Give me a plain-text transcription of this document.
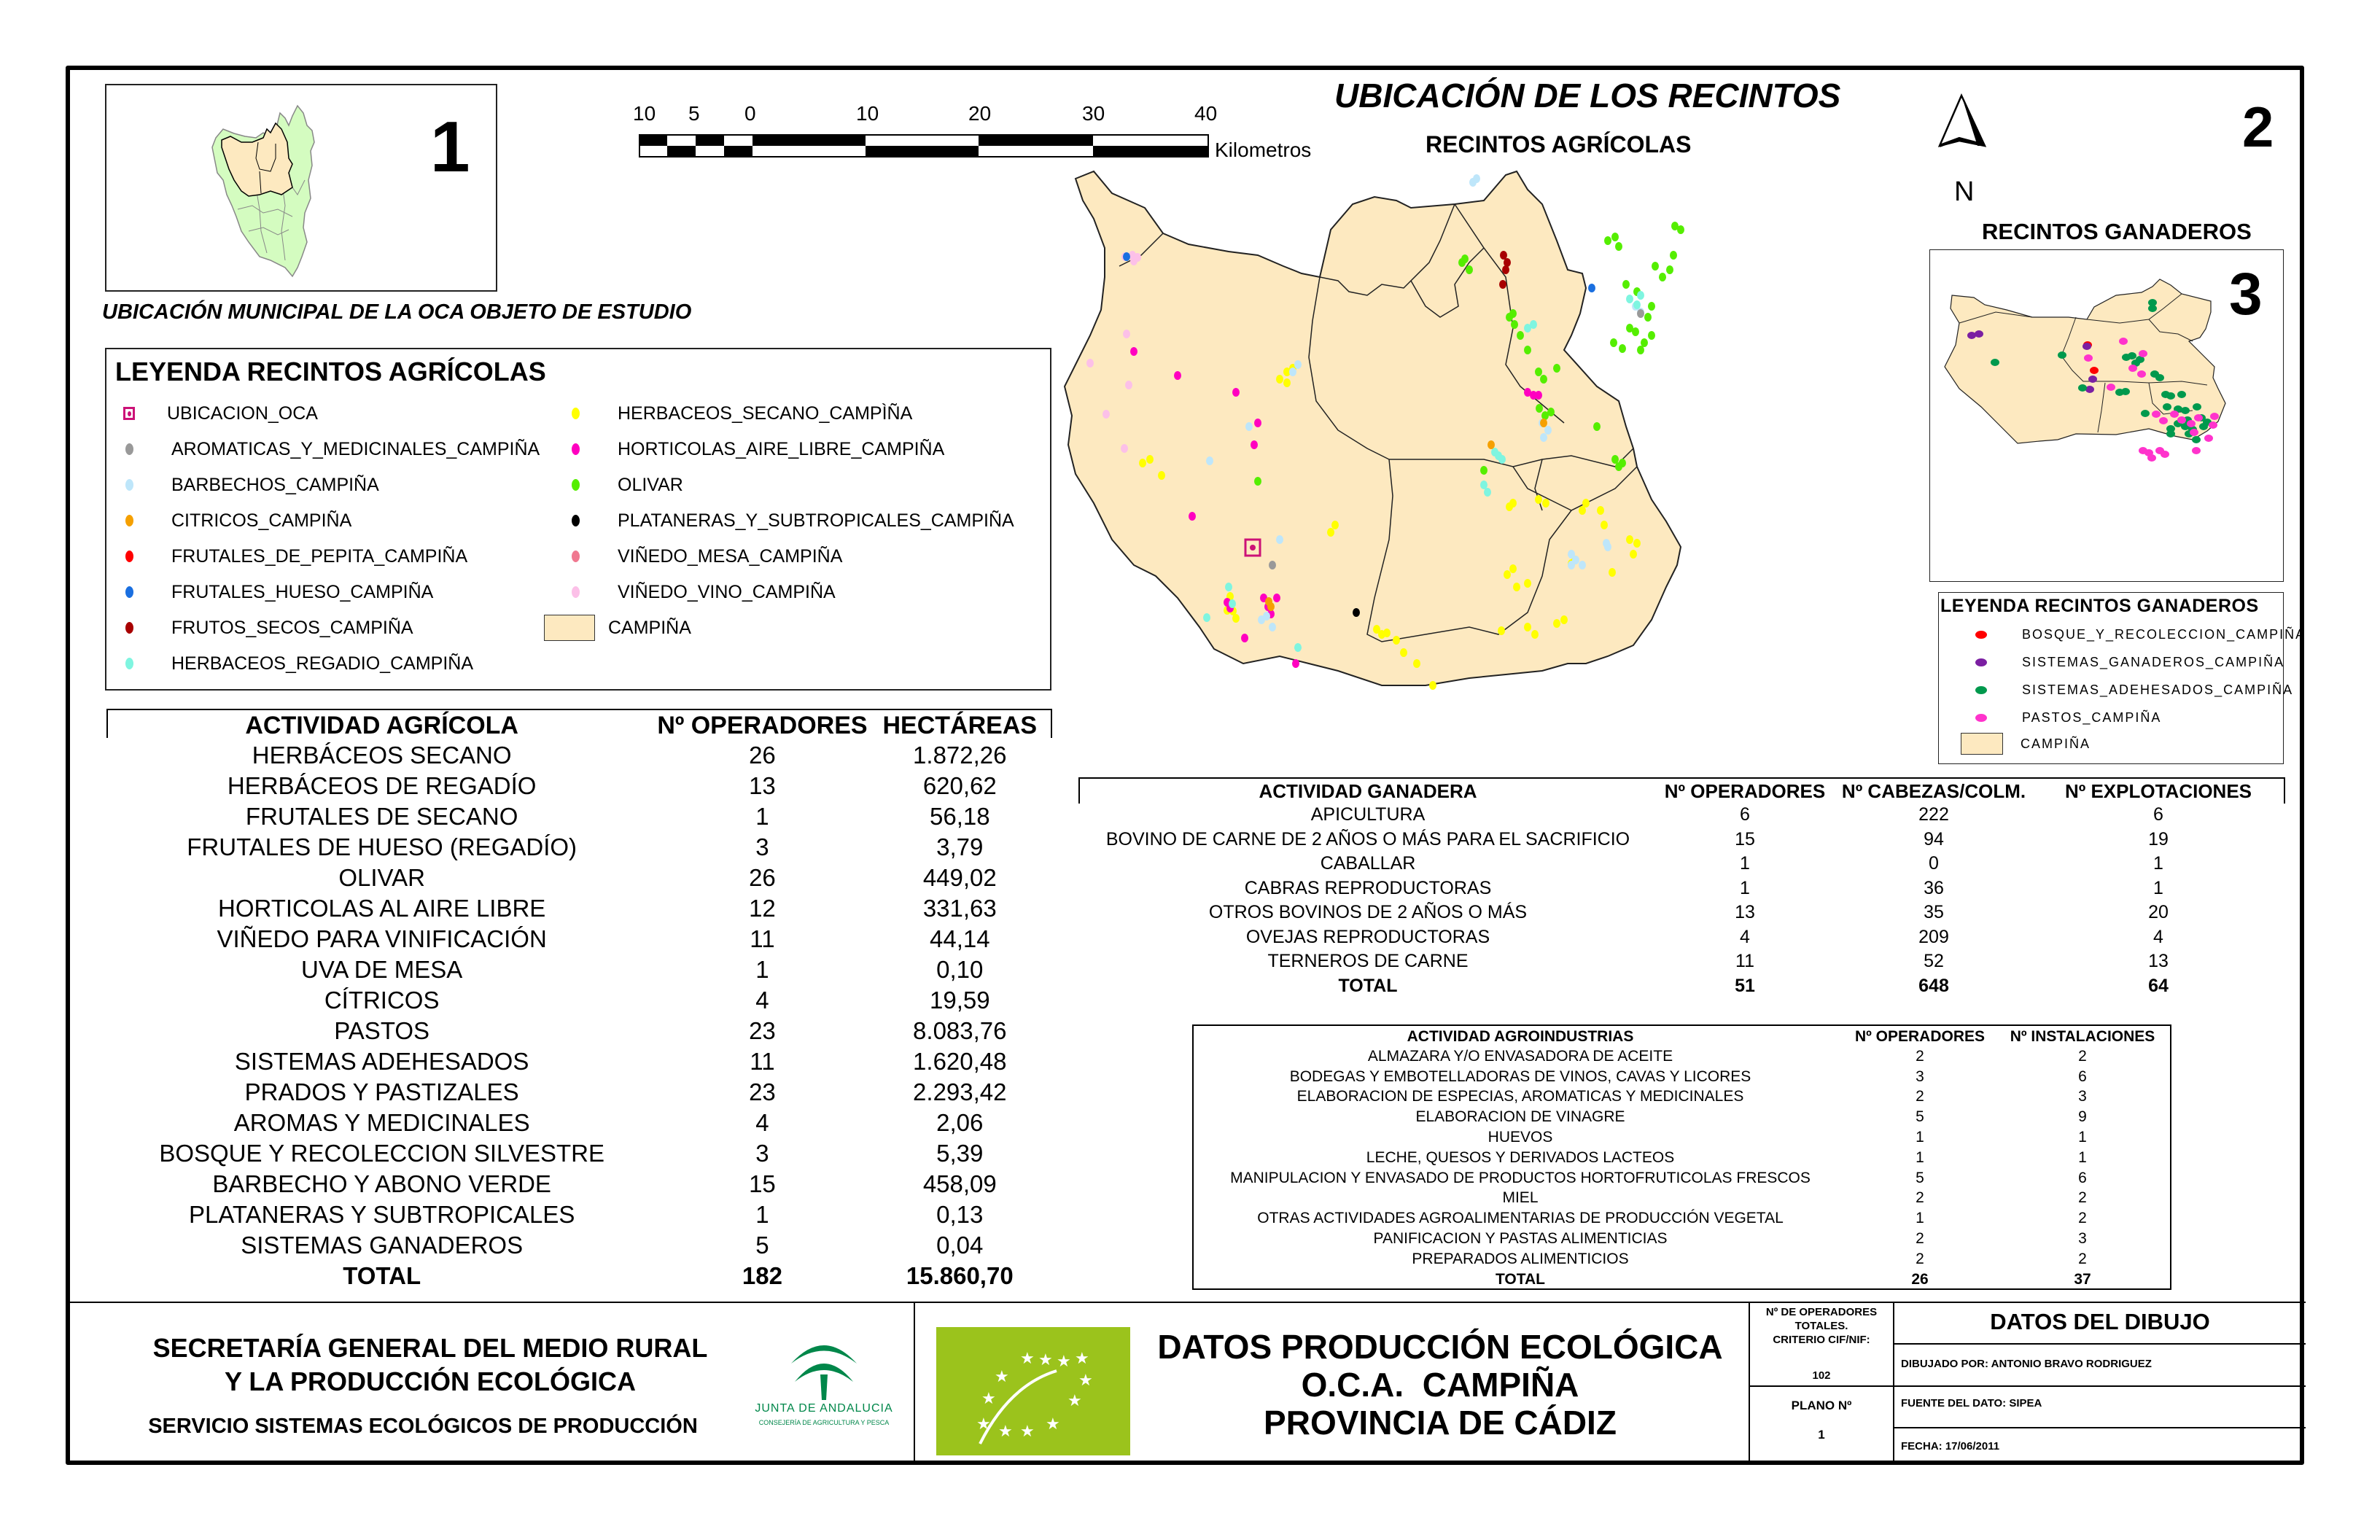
1
UBICACIÓN MUNICIPAL DE LA OCA OBJETO DE ESTUDIO
10 5 0	10	20	30	40
Kilometros
UBICACIÓN DE LOS RECINTOS
RECINTOS AGRÍCOLAS
N
2
RECINTOS GANADEROS
3
LEYENDA RECINTOS GANADEROS
BOSQUE_Y_RECOLECCION_CAMPIÑA
SISTEMAS_GANADEROS_CAMPIÑA
SISTEMAS_ADEHESADOS_CAMPIÑA
PASTOS_CAMPIÑA
CAMPIÑA
LEYENDA RECINTOS AGRÍCOLAS
UBICACION_OCA
AROMATICAS_Y_MEDICINALES_CAMPIÑA
BARBECHOS_CAMPIÑA
CITRICOS_CAMPIÑA
FRUTALES_DE_PEPITA_CAMPIÑA
FRUTALES_HUESO_CAMPIÑA
FRUTOS_SECOS_CAMPIÑA
HERBACEOS_REGADIO_CAMPIÑA
HERBACEOS_SECANO_CAMPÌÑA
HORTICOLAS_AIRE_LIBRE_CAMPIÑA
OLIVAR
PLATANERAS_Y_SUBTROPICALES_CAMPIÑA
VIÑEDO_MESA_CAMPIÑA
VIÑEDO_VINO_CAMPIÑA
CAMPIÑA
ACTIVIDAD AGRÍCOLA	Nº OPERADORES	HECTÁREAS
HERBÁCEOS SECANO	26	1.872,26
HERBÁCEOS DE REGADÍO	13	620,62
FRUTALES DE SECANO	1	56,18
FRUTALES DE HUESO (REGADÍO)	3	3,79
OLIVAR	26	449,02
HORTICOLAS AL AIRE LIBRE	12	331,63
VIÑEDO PARA VINIFICACIÓN	11	44,14
UVA DE MESA	1	0,10
CÍTRICOS	4	19,59
PASTOS	23	8.083,76
SISTEMAS ADEHESADOS	11	1.620,48
PRADOS Y PASTIZALES	23	2.293,42
AROMAS Y MEDICINALES	4	2,06
BOSQUE Y RECOLECCION SILVESTRE	3	5,39
BARBECHO Y ABONO VERDE	15	458,09
PLATANERAS Y SUBTROPICALES	1	0,13
SISTEMAS GANADEROS	5	0,04
TOTAL	182	15.860,70
ACTIVIDAD GANADERA	Nº OPERADORES	Nº CABEZAS/COLM.	Nº EXPLOTACIONES
APICULTURA	6	222	6
BOVINO DE CARNE DE 2 AÑOS O MÁS PARA EL SACRIFICIO	15	94	19
CABALLAR	1	0	1
CABRAS REPRODUCTORAS	1	36	1
OTROS BOVINOS DE 2 AÑOS O MÁS	13	35	20
OVEJAS REPRODUCTORAS	4	209	4
TERNEROS DE CARNE	11	52	13
TOTAL	51	648	64
ACTIVIDAD AGROINDUSTRIAS	Nº OPERADORES	Nº INSTALACIONES
ALMAZARA Y/O ENVASADORA DE ACEITE	2	2
BODEGAS Y EMBOTELLADORAS DE VINOS, CAVAS Y LICORES	3	6
ELABORACION DE ESPECIAS, AROMATICAS Y MEDICINALES	2	3
ELABORACION DE VINAGRE	5	9
HUEVOS	1	1
LECHE, QUESOS Y DERIVADOS LACTEOS	1	1
MANIPULACION Y ENVASADO DE PRODUCTOS HORTOFRUTICOLAS FRESCOS	5	6
MIEL	2	2
OTRAS ACTIVIDADES AGROALIMENTARIAS DE PRODUCCIÓN VEGETAL	1	2
PANIFICACION Y PASTAS ALIMENTICIAS	2	3
PREPARADOS ALIMENTICIOS	2	2
TOTAL	26	37
SECRETARÍA GENERAL DEL MEDIO RURAL
Y LA PRODUCCIÓN ECOLÓGICA
SERVICIO SISTEMAS ECOLÓGICOS DE PRODUCCIÓN
JUNTA DE ANDALUCIA
CONSEJERÍA DE AGRICULTURA Y PESCA
★ ★ ★ ★
★	★
★	★
★ ★ ★ ★
DATOS PRODUCCIÓN ECOLÓGICA
O.C.A.  CAMPIÑA
PROVINCIA DE CÁDIZ
Nº DE OPERADORES
TOTALES.
CRITERIO CIF/NIF:
102
PLANO Nº
1
DATOS DEL DIBUJO
DIBUJADO POR: ANTONIO BRAVO RODRIGUEZ
FUENTE DEL DATO: SIPEA
FECHA: 17/06/2011
